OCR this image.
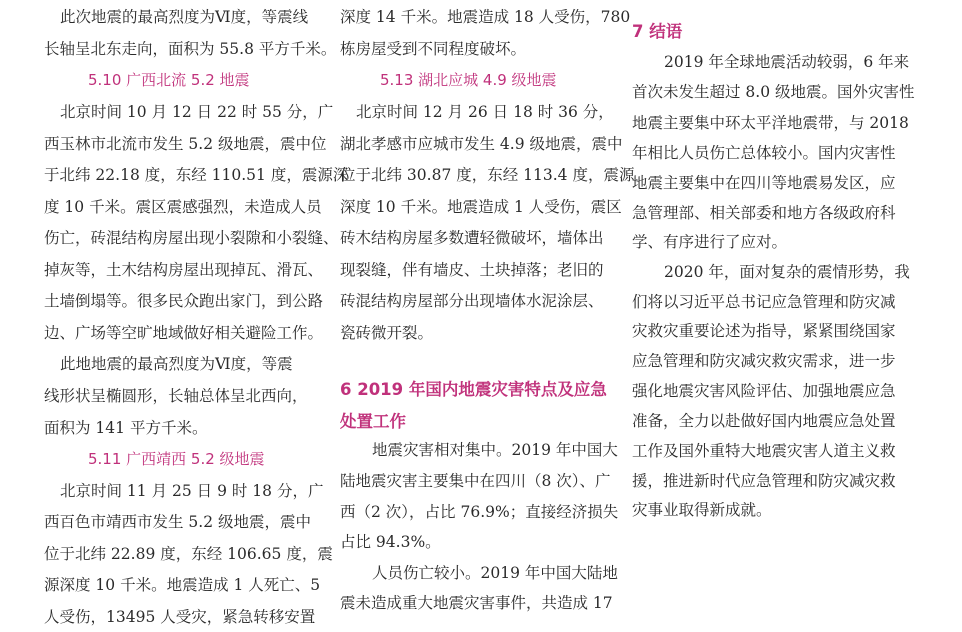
此次地震的最高烈度为Ⅵ度，等震线
长轴呈北东走向，面积为 55.8 平方千米。
5.10 广西北流 5.2 地震
北京时间 10 月 12 日 22 时 55 分，广
西玉林市北流市发生 5.2 级地震，震中位
于北纬 22.18 度，东经 110.51 度，震源深
度 10 千米。震区震感强烈，未造成人员
伤亡，砖混结构房屋出现小裂隙和小裂缝、
掉灰等，土木结构房屋出现掉瓦、滑瓦、
土墙倒塌等。很多民众跑出家门，到公路
边、广场等空旷地域做好相关避险工作。
此地地震的最高烈度为Ⅵ度，等震
线形状呈椭圆形，长轴总体呈北西向，
面积为 141 平方千米。
5.11 广西靖西 5.2 级地震
北京时间 11 月 25 日 9 时 18 分，广
西百色市靖西市发生 5.2 级地震，震中
位于北纬 22.89 度，东经 106.65 度，震
源深度 10 千米。地震造成 1 人死亡、5
人受伤，13495 人受灾，紧急转移安置
深度 14 千米。地震造成 18 人受伤，780
栋房屋受到不同程度破坏。
5.13 湖北应城 4.9 级地震
北京时间 12 月 26 日 18 时 36 分，
湖北孝感市应城市发生 4.9 级地震，震中
位于北纬 30.87 度，东经 113.4 度，震源
深度 10 千米。地震造成 1 人受伤，震区
砖木结构房屋多数遭轻微破坏，墙体出
现裂缝，伴有墙皮、土块掉落；老旧的
砖混结构房屋部分出现墙体水泥涂层、
瓷砖微开裂。
6 2019 年国内地震灾害特点及应急
处置工作
地震灾害相对集中。2019 年中国大
陆地震灾害主要集中在四川（8 次）、广
西（2 次），占比 76.9%；直接经济损失
占比 94.3%。
人员伤亡较小。2019 年中国大陆地
震未造成重大地震灾害事件，共造成 17
7 结语
2019 年全球地震活动较弱，6 年来
首次未发生超过 8.0 级地震。国外灾害性
地震主要集中环太平洋地震带，与 2018
年相比人员伤亡总体较小。国内灾害性
地震主要集中在四川等地震易发区，应
急管理部、相关部委和地方各级政府科
学、有序进行了应对。
2020 年，面对复杂的震情形势，我
们将以习近平总书记应急管理和防灾减
灾救灾重要论述为指导，紧紧围绕国家
应急管理和防灾减灾救灾需求，进一步
强化地震灾害风险评估、加强地震应急
准备，全力以赴做好国内地震应急处置
工作及国外重特大地震灾害人道主义救
援，推进新时代应急管理和防灾减灾救
灾事业取得新成就。
